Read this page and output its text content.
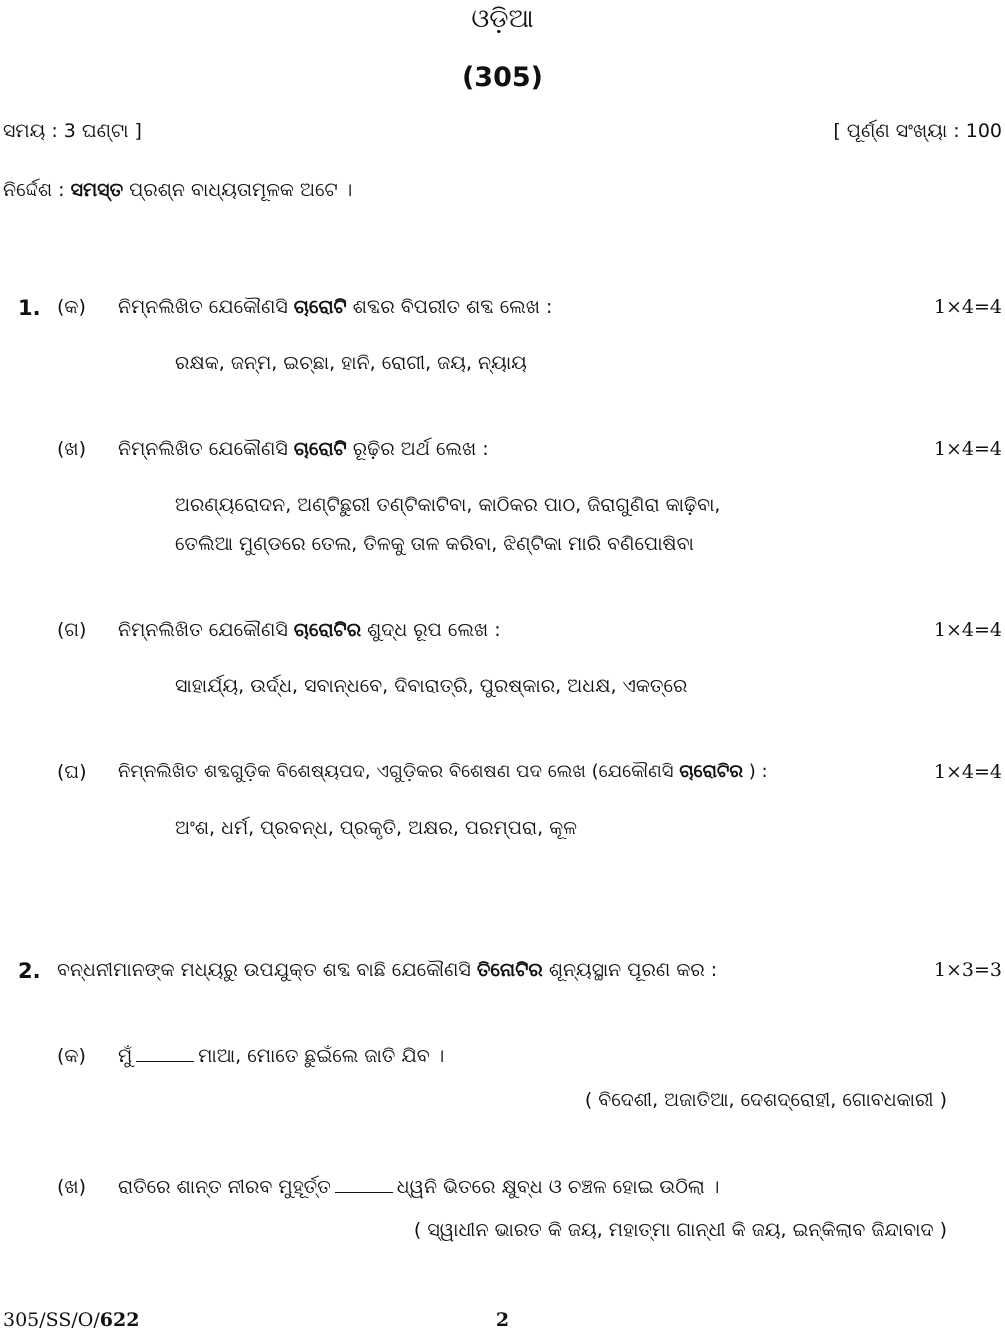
ଓଡ଼ିଆ
(305)
ସମୟ : 3 ଘଣ୍ଟା ]	[ ପୂର୍ଣ୍ଣ ସଂଖ୍ୟା : 100
ନିର୍ଦ୍ଦେଶ : ସମସ୍ତ ପ୍ରଶ୍ନ ବାଧ୍ୟତାମୂଳକ ଅଟେ ।
1. (କ) ନିମ୍ନଲିଖିତ ଯେକୌଣସି ଚାରୋଟି ଶବ୍ଦର ବିପରୀତ ଶବ୍ଦ ଲେଖ :	1×4=4
ରକ୍ଷକ, ଜନ୍ମ, ଇଚ୍ଛା, ହାନି, ରୋଗୀ, ଜୟ, ନ୍ୟାୟ
(ଖ) ନିମ୍ନଲିଖିତ ଯେକୌଣସି ଚାରୋଟି ରୂଢ଼ିର ଅର୍ଥ ଲେଖ :	1×4=4
ଅରଣ୍ୟରୋଦନ, ଅଣ୍ଟିଛୁରୀ ତଣ୍ଟିକାଟିବା, କାଠିକର ପାଠ, ଜିରାଗୁଣିରା କାଢ଼ିବା,
ତେଲିଆ ମୁଣ୍ଡରେ ତେଲ, ତିଳକୁ ତାଳ କରିବା, ଝିଣ୍ଟିକା ମାରି ବଣିପୋଷିବା
(ଗ) ନିମ୍ନଲିଖିତ ଯେକୌଣସି ଚାରୋଟିର ଶୁଦ୍ଧ ରୂପ ଲେଖ :	1×4=4
ସାହାର୍ଯ୍ୟ, ଉର୍ଦ୍ଧ, ସବାନ୍ଧବେ, ଦିବାରାତ୍ରି, ପୁରଷ୍କାର, ଅଧକ୍ଷ, ଏକତ୍ରେ
(ଘ) ନିମ୍ନଲିଖିତ ଶବ୍ଦଗୁଡ଼ିକ ବିଶେଷ୍ୟପଦ, ଏଗୁଡ଼ିକର ବିଶେଷଣ ପଦ ଲେଖ (ଯେକୌଣସି ଚାରୋଟିର ) :	1×4=4
ଅଂଶ, ଧର୍ମ, ପ୍ରବନ୍ଧ, ପ୍ରକୃତି, ଅକ୍ଷର, ପରମ୍ପରା, କୂଳ
2. ବନ୍ଧନୀମାନଙ୍କ ମଧ୍ୟରୁ ଉପଯୁକ୍ତ ଶବ୍ଦ ବାଛି ଯେକୌଣସି ତିନୋଟିର ଶୂନ୍ୟସ୍ଥାନ ପୂରଣ କର :	1×3=3
(କ) ମୁଁ	ମାଆ, ମୋତେ ଛୁଇଁଲେ ଜାତି ଯିବ ।
( ବିଦେଶୀ, ଅଜାତିଆ, ଦେଶଦ୍ରୋହୀ, ଗୋବଧକାରୀ )
(ଖ) ରାତିରେ ଶାନ୍ତ ନୀରବ ମୁହୂର୍ତ୍ତ	ଧ୍ୱନି ଭିତରେ କ୍ଷୁବ୍ଧ ଓ ଚଞ୍ଚଳ ହୋଇ ଉଠିଲା ।
( ସ୍ୱାଧୀନ ଭାରତ କି ଜୟ, ମହାତ୍ମା ଗାନ୍ଧୀ କି ଜୟ, ଇନ୍‌କିଲାବ ଜିନ୍ଦାବାଦ )
305/SS/O/622	2
